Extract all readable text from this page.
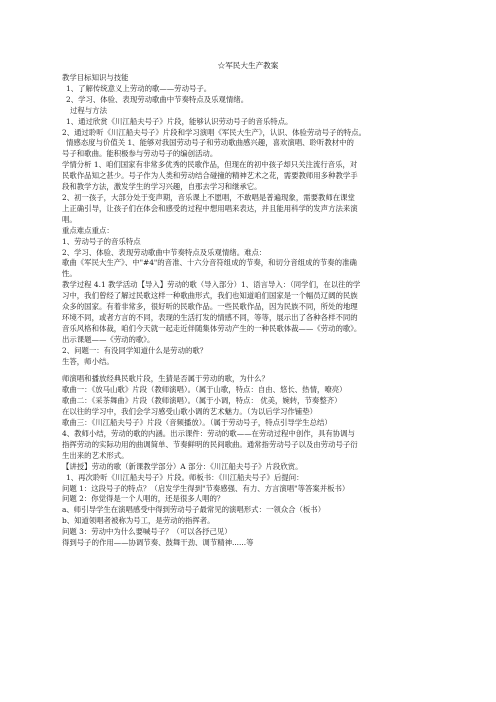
☆军民大生产教案
教学目标知识与技能
1、了解传统意义上劳动的歌——劳动号子。
2、学习、体验、表现劳动歌曲中节奏特点及乐观情绪。
过程与方法
1、通过欣赏《川江船夫号子》片段，能够认识劳动号子的音乐特点。
2、通过聆听《川江船夫号子》片段和学习演唱《军民大生产》，认识、体验劳动号子的特点。
情感态度与价值关 1、能够对我国劳动号子和劳动歌曲感兴趣，喜欢演唱、聆听教材中的
号子和歌曲。能积极参与劳动号子的编创活动。
学情分析 1、咱们国家有非常多优秀的民歌作品，但现在的初中孩子却只关注流行音乐，对
民歌作品知之甚少。号子作为人类和劳动结合碰撞的精神艺术之花，需要教师用多种教学手
段和教学方法，激发学生的学习兴趣，自那去学习和继承它。
2、初一孩子，大部分处于变声期，音乐课上不愿唱，不敢唱是普遍现象，需要教师在课堂
上正确引导，让孩子们在体会和感受的过程中想用唱来表达，并且能用科学的发声方法来演
唱。
重点难点重点：
1、劳动号子的音乐特点
2、学习、体验、表现劳动歌曲中节奏特点及乐观情绪。难点：
歌曲《军民大生产》、中"#4"的音准、十六分音符组成的节奏，和切分音组成的节奏的准确
性。
教学过程 4.1 教学活动【导入】劳动的歌（导入部分）1、语言导入：（同学们，在以往的学
习中，我们曾经了解过民歌这样一种歌曲形式，我们也知道咱们国家是一个幅员辽阔的民族
众多的国家。有着非常多，很好听的民歌作品。一些民歌作品，因为民族不同，所处的地理
环境不同，或者方言的不同，表现的生活打发的情感不同，等等，展示出了各种各样不同的
音乐风格和体裁，咱们今天就一起走近伴随集体劳动产生的一种民歌体裁——《劳动的歌》。
出示课题——《劳动的歌》。
2、问题一：有没同学知道什么是劳动的歌？
生答，师小结。
师演唱和播放经典民歌片段，生猜是否属于劳动的歌，为什么？
歌曲一：《放马山歌》片段（教师演唱）。（属于山歌，特点：自由、悠长、热情，嘹亮）
歌曲二：《采茶舞曲》片段（教师演唱）。（属于小调，特点： 优美，婉转，节奏整齐）
在以往的学习中，我们会学习感受山歌小调的艺术魅力。（为以后学习作铺垫）
歌曲三：《川江船夫号子》片段（音频播放）。（属于劳动号子，特点引导学生总结）
4、教师小结，劳动的歌的内涵。出示课件：劳动的歌——在劳动过程中创作，具有协调与
指挥劳动的实际功用的曲调简单、节奏鲜明的民间歌曲。通常指劳动号子以及由劳动号子衍
生出来的艺术形式。
【讲授】劳动的歌（新课教学部分）A 部分：《川江船夫号子》片段欣赏。
1、再次聆听《川江船夫号子》片段。师板书：《川江船夫号子》后提问：
问题 1：这段号子的特点？（启发学生得到"节奏感强、有力、方言演唱"等答案并板书）
问题 2：你觉得是一个人唱的，还是很多人唱的？
a、师引导学生在演唱感受中得到劳动号子最常见的演唱形式：一领众合（板书）
b、知道领唱者被称为号工，是劳动的指挥者。
问题 3：劳动中为什么要喊号子？（可以各抒己见）
得到号子的作用——协调节奏、鼓舞干劲、调节精神......等
